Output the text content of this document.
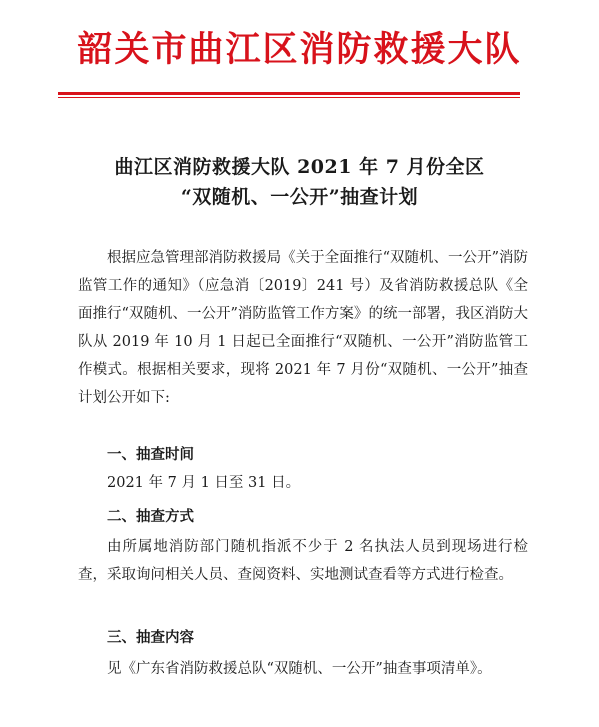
韶关市曲江区消防救援大队
曲江区消防救援大队 2021 年 7 月份全区
“双随机、一公开”抽查计划

根据应急管理部消防救援局《关于全面推行“双随机、一公开”消防监管工作的通知》（应急消〔2019〕241 号）及省消防救援总队《全面推行“双随机、一公开”消防监管工作方案》的统一部署，我区消防大队从 2019 年 10 月 1 日起已全面推行“双随机、一公开”消防监管工作模式。根据相关要求，现将 2021 年 7 月份“双随机、一公开”抽查计划公开如下:

一、抽查时间

2021 年 7 月 1 日至 31 日。

二、抽查方式

由所属地消防部门随机指派不少于 2 名执法人员到现场进行检查，采取询问相关人员、查阅资料、实地测试查看等方式进行检查。

三、抽查内容

见《广东省消防救援总队“双随机、一公开”抽查事项清单》。
